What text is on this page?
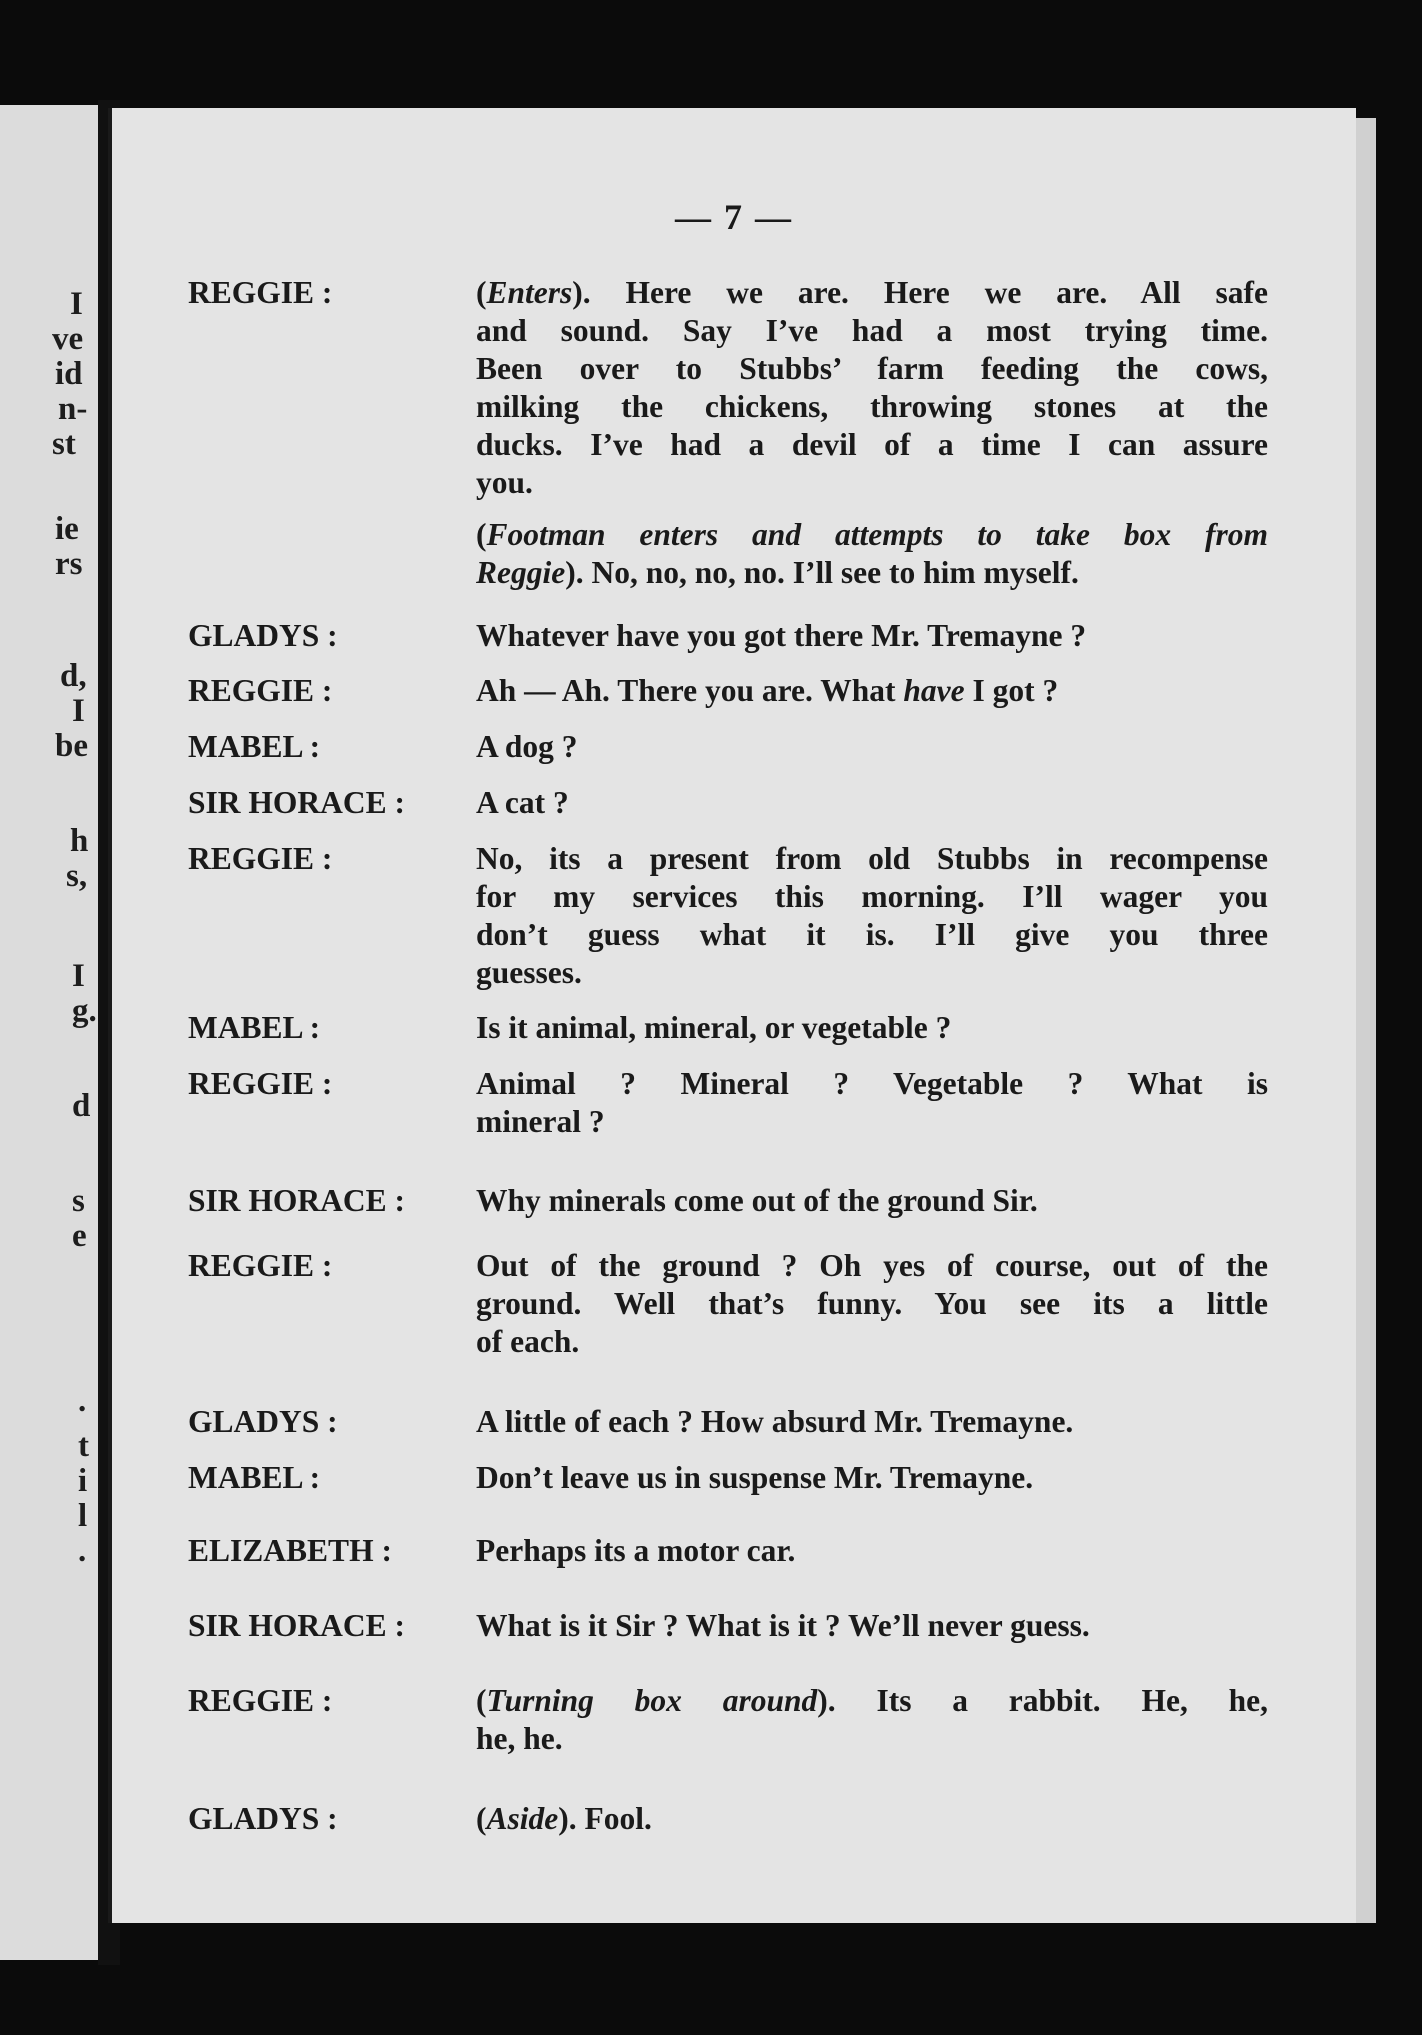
I
ve
id
n-
st
ie
rs
d,
I
be
h
s,
I
g.
d
s
e
.
t
i
l
.
— 7 —
REGGIE :	(Enters). Here we are. Here we are. All safe
and sound. Say I’ve had a most trying time.
Been over to Stubbs’ farm feeding the cows,
milking the chickens, throwing stones at the
ducks. I’ve had a devil of a time I can assure
you.
(Footman enters and attempts to take box from
Reggie). No, no, no, no. I’ll see to him myself.
GLADYS :	Whatever have you got there Mr. Tremayne ?
REGGIE :	Ah — Ah. There you are. What have I got ?
MABEL :	A dog ?
SIR HORACE :	A cat ?
REGGIE :	No, its a present from old Stubbs in recompense
for my services this morning. I’ll wager you
don’t guess what it is. I’ll give you three
guesses.
MABEL :	Is it animal, mineral, or vegetable ?
REGGIE :	Animal ? Mineral ? Vegetable ? What is
mineral ?
SIR HORACE :	Why minerals come out of the ground Sir.
REGGIE :	Out of the ground ? Oh yes of course, out of the
ground. Well that’s funny. You see its a little
of each.
GLADYS :	A little of each ? How absurd Mr. Tremayne.
MABEL :	Don’t leave us in suspense Mr. Tremayne.
ELIZABETH :	Perhaps its a motor car.
SIR HORACE :	What is it Sir ? What is it ? We’ll never guess.
REGGIE :	(Turning box around). Its a rabbit. He, he,
he, he.
GLADYS :	(Aside). Fool.
